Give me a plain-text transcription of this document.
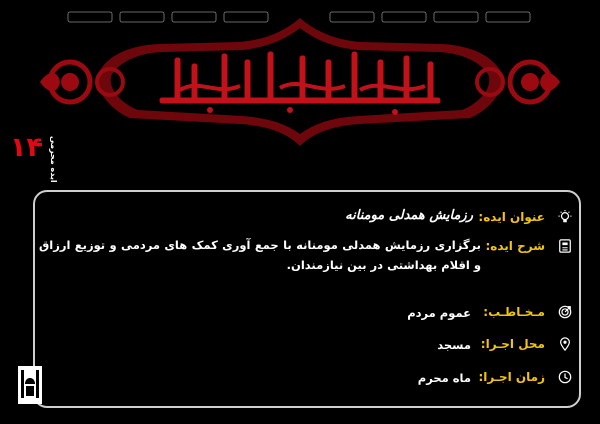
۱۴ ایده محرمی
عنوان ایده:
رزمایش همدلی مومنانه
شرح ایده:
برگزاری رزمایش همدلی مومنانه با جمع آوری کمک های مردمی و توزیع ارزاق و اقلام بهداشتی در بین نیازمندان.
مـخـاطـب:
عموم مردم
محل اجـرا:
مسجد
زمان اجـرا:
ماه محرم
